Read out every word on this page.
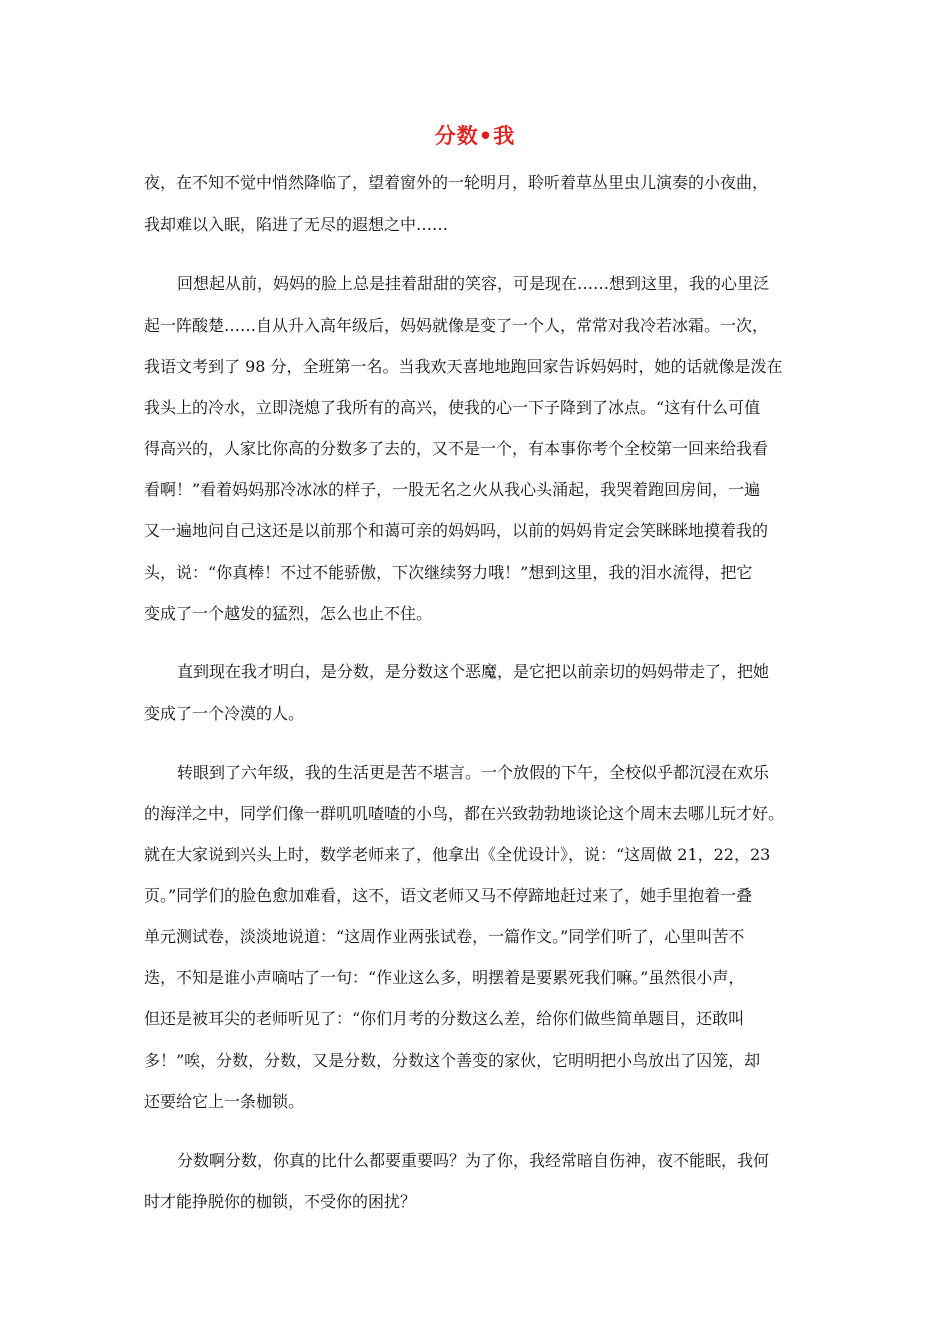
分数•我
夜，在不知不觉中悄然降临了，望着窗外的一轮明月，聆听着草丛里虫儿演奏的小夜曲，
我却难以入眠，陷进了无尽的遐想之中……
回想起从前，妈妈的脸上总是挂着甜甜的笑容，可是现在……想到这里，我的心里泛
起一阵酸楚……自从升入高年级后，妈妈就像是变了一个人，常常对我冷若冰霜。一次，
我语文考到了 98 分，全班第一名。当我欢天喜地地跑回家告诉妈妈时，她的话就像是泼在
我头上的冷水，立即浇熄了我所有的高兴，使我的心一下子降到了冰点。“这有什么可值
得高兴的，人家比你高的分数多了去的，又不是一个，有本事你考个全校第一回来给我看
看啊！”看着妈妈那冷冰冰的样子，一股无名之火从我心头涌起，我哭着跑回房间，一遍
又一遍地问自己这还是以前那个和蔼可亲的妈妈吗，以前的妈妈肯定会笑眯眯地摸着我的
头，说：“你真棒！不过不能骄傲，下次继续努力哦！”想到这里，我的泪水流得，把它
变成了一个越发的猛烈，怎么也止不住。
直到现在我才明白，是分数，是分数这个恶魔，是它把以前亲切的妈妈带走了，把她
变成了一个冷漠的人。
转眼到了六年级，我的生活更是苦不堪言。一个放假的下午，全校似乎都沉浸在欢乐
的海洋之中，同学们像一群叽叽喳喳的小鸟，都在兴致勃勃地谈论这个周末去哪儿玩才好。
就在大家说到兴头上时，数学老师来了，他拿出《全优设计》，说：“这周做 21，22，23
页。”同学们的脸色愈加难看，这不，语文老师又马不停蹄地赶过来了，她手里抱着一叠
单元测试卷，淡淡地说道：“这周作业两张试卷，一篇作文。”同学们听了，心里叫苦不
迭，不知是谁小声嘀咕了一句：“作业这么多，明摆着是要累死我们嘛。”虽然很小声，
但还是被耳尖的老师听见了：“你们月考的分数这么差，给你们做些简单题目，还敢叫
多！”唉，分数，分数，又是分数，分数这个善变的家伙，它明明把小鸟放出了囚笼，却
还要给它上一条枷锁。
分数啊分数，你真的比什么都要重要吗？为了你，我经常暗自伤神，夜不能眠，我何
时才能挣脱你的枷锁，不受你的困扰？
